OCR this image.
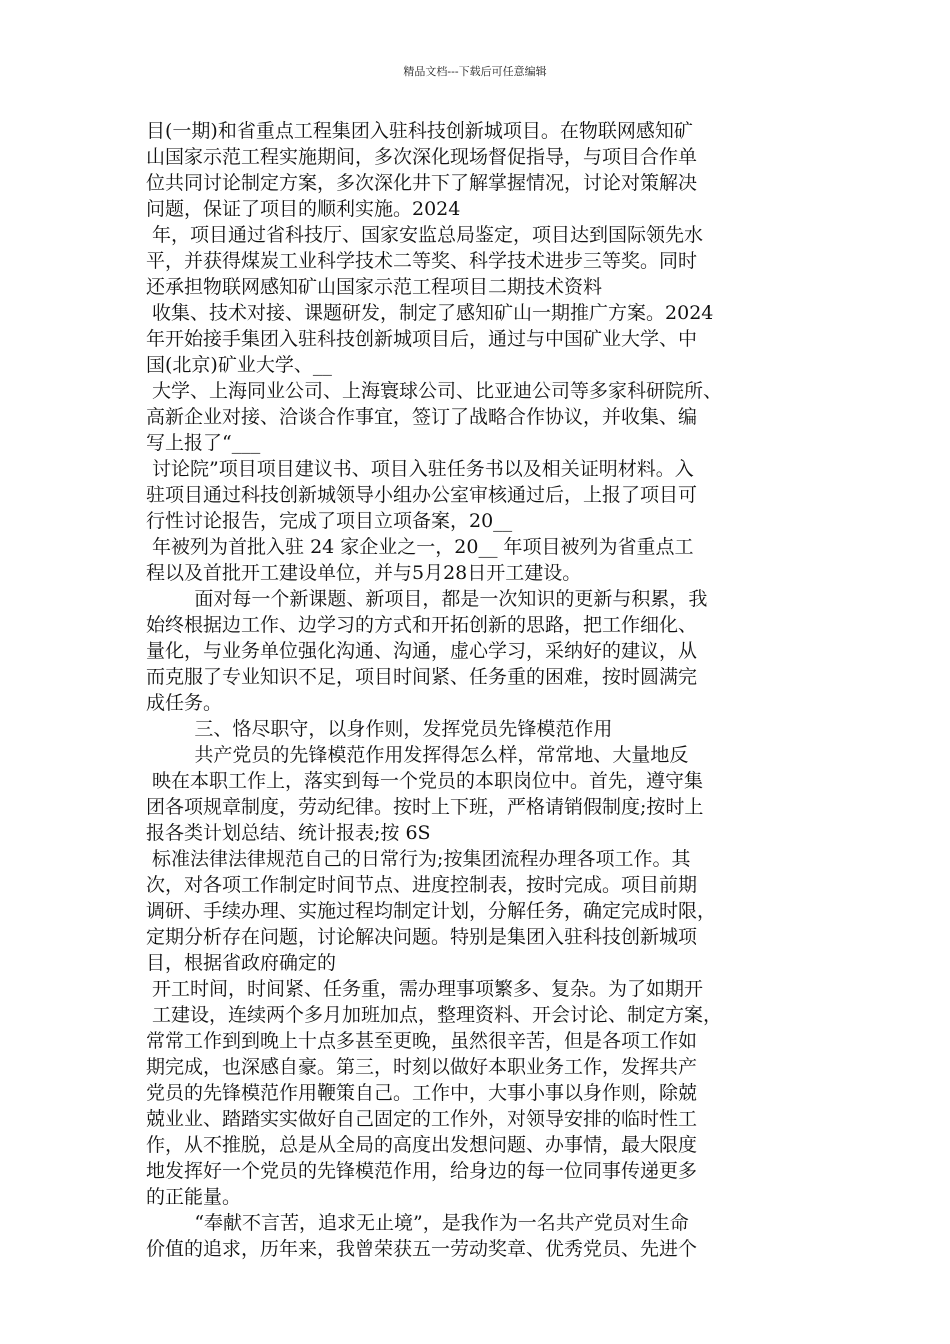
精品文档---下载后可任意编辑
目(一期)和省重点工程集团入驻科技创新城项目。在物联网感知矿
山国家示范工程实施期间，多次深化现场督促指导，与项目合作单
位共同讨论制定方案，多次深化井下了解掌握情况，讨论对策解决
问题，保证了项目的顺利实施。2024
年，项目通过省科技厅、国家安监总局鉴定，项目达到国际领先水
平，并获得煤炭工业科学技术二等奖、科学技术进步三等奖。同时
还承担物联网感知矿山国家示范工程项目二期技术资料
收集、技术对接、课题研发，制定了感知矿山一期推广方案。2024
年开始接手集团入驻科技创新城项目后，通过与中国矿业大学、中
国(北京)矿业大学、__
大学、上海同业公司、上海寰球公司、比亚迪公司等多家科研院所、
高新企业对接、洽谈合作事宜，签订了战略合作协议，并收集、编
写上报了“___
讨论院”项目项目建议书、项目入驻任务书以及相关证明材料。入
驻项目通过科技创新城领导小组办公室审核通过后，上报了项目可
行性讨论报告，完成了项目立项备案，20__
年被列为首批入驻 24 家企业之一，20__ 年项目被列为省重点工
程以及首批开工建设单位，并与5月28日开工建设。
面对每一个新课题、新项目，都是一次知识的更新与积累，我
始终根据边工作、边学习的方式和开拓创新的思路，把工作细化、
量化，与业务单位强化沟通、沟通，虚心学习，采纳好的建议，从
而克服了专业知识不足，项目时间紧、任务重的困难，按时圆满完
成任务。
三、恪尽职守，以身作则，发挥党员先锋模范作用
共产党员的先锋模范作用发挥得怎么样，常常地、大量地反
映在本职工作上，落实到每一个党员的本职岗位中。首先，遵守集
团各项规章制度，劳动纪律。按时上下班，严格请销假制度;按时上
报各类计划总结、统计报表;按 6S
标准法律法律规范自己的日常行为;按集团流程办理各项工作。其
次，对各项工作制定时间节点、进度控制表，按时完成。项目前期
调研、手续办理、实施过程均制定计划，分解任务，确定完成时限，
定期分析存在问题，讨论解决问题。特别是集团入驻科技创新城项
目，根据省政府确定的
开工时间，时间紧、任务重，需办理事项繁多、复杂。为了如期开
工建设，连续两个多月加班加点，整理资料、开会讨论、制定方案，
常常工作到到晚上十点多甚至更晚，虽然很辛苦，但是各项工作如
期完成，也深感自豪。第三，时刻以做好本职业务工作，发挥共产
党员的先锋模范作用鞭策自己。工作中，大事小事以身作则，除兢
兢业业、踏踏实实做好自己固定的工作外，对领导安排的临时性工
作，从不推脱，总是从全局的高度出发想问题、办事情，最大限度
地发挥好一个党员的先锋模范作用，给身边的每一位同事传递更多
的正能量。
“奉献不言苦，追求无止境”，是我作为一名共产党员对生命
价值的追求，历年来，我曾荣获五一劳动奖章、优秀党员、先进个
